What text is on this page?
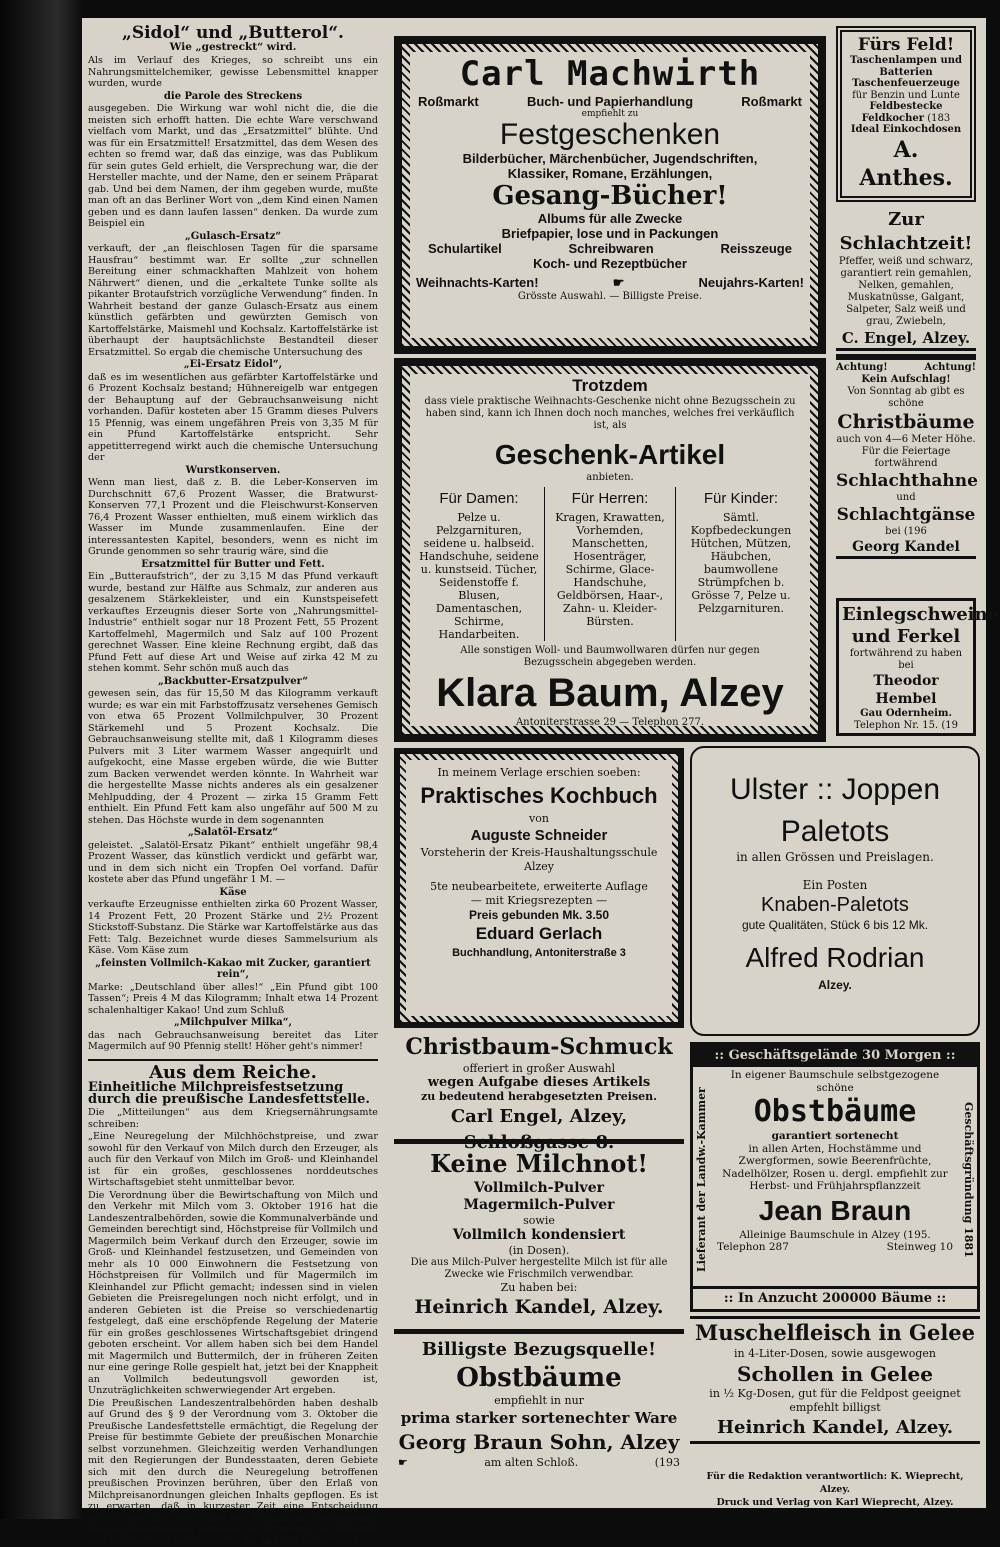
„Sidol“ und „Butterol“.
Wie „gestreckt“ wird.

Als im Verlauf des Krieges, so schreibt uns ein Nahrungsmittelchemiker, gewisse Lebensmittel knapper wurden, wurde

die Parole des Streckens

ausgegeben. Die Wirkung war wohl nicht die, die die meisten sich erhofft hatten. Die echte Ware verschwand vielfach vom Markt, und das „Ersatzmittel“ blühte. Und was für ein Ersatzmittel! Ersatzmittel, das dem Wesen des echten so fremd war, daß das einzige, was das Publikum für sein gutes Geld erhielt, die Versprechung war, die der Hersteller machte, und der Name, den er seinem Präparat gab. Und bei dem Namen, der ihm gegeben wurde, mußte man oft an das Berliner Wort von „dem Kind einen Namen geben und es dann laufen lassen“ denken. Da wurde zum Beispiel ein

„Gulasch-Ersatz“

verkauft, der „an fleischlosen Tagen für die sparsame Hausfrau“ bestimmt war. Er sollte „zur schnellen Bereitung einer schmackhaften Mahlzeit von hohem Nährwert“ dienen, und die „erkaltete Tunke sollte als pikanter Brotaufstrich vorzügliche Verwendung“ finden. In Wahrheit bestand der ganze Gulasch-Ersatz aus einem künstlich gefärbten und gewürzten Gemisch von Kartoffelstärke, Maismehl und Kochsalz. Kartoffelstärke ist überhaupt der hauptsächlichste Bestandteil dieser Ersatzmittel. So ergab die chemische Untersuchung des

„Ei-Ersatz Eidol“,

daß es im wesentlichen aus gefärbter Kartoffelstärke und 6 Prozent Kochsalz bestand; Hühnereigelb war entgegen der Behauptung auf der Gebrauchsanweisung nicht vorhanden. Dafür kosteten aber 15 Gramm dieses Pulvers 15 Pfennig, was einem ungefähren Preis von 3,35 M für ein Pfund Kartoffelstärke entspricht. Sehr appetitterregend wirkt auch die chemische Untersuchung der

Wurstkonserven.

Wenn man liest, daß z. B. die Leber-Konserven im Durchschnitt 67,6 Prozent Wasser, die Bratwurst-Konserven 77,1 Prozent und die Fleischwurst-Konserven 76,4 Prozent Wasser enthielten, muß einem wirklich das Wasser im Munde zusammenlaufen. Eine der interessantesten Kapitel, besonders, wenn es nicht im Grunde genommen so sehr traurig wäre, sind die

Ersatzmittel für Butter und Fett.

Ein „Butteraufstrich“, der zu 3,15 M das Pfund verkauft wurde, bestand zur Hälfte aus Schmalz, zur anderen aus gesalzenem Stärkekleister, und ein Kunstspeisefett verkauftes Erzeugnis dieser Sorte von „Nahrungsmittel-Industrie“ enthielt sogar nur 18 Prozent Fett, 55 Prozent Kartoffelmehl, Magermilch und Salz auf 100 Prozent gerechnet Wasser. Eine kleine Rechnung ergibt, daß das Pfund Fett auf diese Art und Weise auf zirka 42 M zu stehen kommt. Sehr schön muß auch das

„Backbutter-Ersatzpulver“

gewesen sein, das für 15,50 M das Kilogramm verkauft wurde; es war ein mit Farbstoffzusatz versehenes Gemisch von etwa 65 Prozent Vollmilchpulver, 30 Prozent Stärkemehl und 5 Prozent Kochsalz. Die Gebrauchsanweisung stellte mit, daß 1 Kilogramm dieses Pulvers mit 3 Liter warmem Wasser angequirlt und aufgekocht, eine Masse ergeben würde, die wie Butter zum Backen verwendet werden könnte. In Wahrheit war die hergestellte Masse nichts anderes als ein gesalzener Mehlpudding, der 4 Prozent — zirka 15 Gramm Fett enthielt. Ein Pfund Fett kam also ungefähr auf 500 M zu stehen. Das Höchste wurde in dem sogenannten

„Salatöl-Ersatz“

geleistet. „Salatöl-Ersatz Pikant“ enthielt ungefähr 98,4 Prozent Wasser, das künstlich verdickt und gefärbt war, und in dem sich nicht ein Tropfen Oel vorfand. Dafür kostete aber das Pfund ungefähr 1 M. —

Käse

verkaufte Erzeugnisse enthielten zirka 60 Prozent Wasser, 14 Prozent Fett, 20 Prozent Stärke und 2½ Prozent Stickstoff-Substanz. Die Stärke war Kartoffelstärke aus das Fett: Talg. Bezeichnet wurde dieses Sammelsurium als Käse. Vom Käse zum

„feinsten Vollmilch-Kakao mit Zucker, garantiert rein“,

Marke: „Deutschland über alles!“ „Ein Pfund gibt 100 Tassen“; Preis 4 M das Kilogramm; Inhalt etwa 14 Prozent schalenhaltiger Kakao! Und zum Schluß

„Milchpulver Milka“,

das nach Gebrauchsanweisung bereitet das Liter Magermilch auf 90 Pfennig stellt! Höher geht's nimmer!

Aus dem Reiche.
Einheitliche Milchpreisfestsetzung durch die preußische Landesfettstelle.

Die „Mitteilungen“ aus dem Kriegsernährungsamte schreiben:

„Eine Neuregelung der Milchhöchstpreise, und zwar sowohl für den Verkauf von Milch durch den Erzeuger, als auch für den Verkauf von Milch im Groß- und Kleinhandel ist für ein großes, geschlossenes norddeutsches Wirtschaftsgebiet steht unmittelbar bevor.

Die Verordnung über die Bewirtschaftung von Milch und den Verkehr mit Milch vom 3. Oktober 1916 hat die Landeszentralbehörden, sowie die Kommunalverbände und Gemeinden berechtigt sind, Höchstpreise für Vollmilch und Magermilch beim Verkauf durch den Erzeuger, sowie im Groß- und Kleinhandel festzusetzen, und Gemeinden von mehr als 10 000 Einwohnern die Festsetzung von Höchstpreisen für Vollmilch und für Magermilch im Kleinhandel zur Pflicht gemacht; indessen sind in vielen Gebieten die Preisregelungen noch nicht erfolgt, und in anderen Gebieten ist die Preise so verschiedenartig festgelegt, daß eine erschöpfende Regelung der Materie für ein großes geschlossenes Wirtschaftsgebiet dringend geboten erscheint. Vor allem haben sich bei dem Handel mit Magermilch und Buttermilch, der in früheren Zeiten nur eine geringe Rolle gespielt hat, jetzt bei der Knappheit an Vollmilch bedeutungsvoll geworden ist, Unzuträglichkeiten schwerwiegender Art ergeben.

Die Preußischen Landeszentralbehörden haben deshalb auf Grund des § 9 der Verordnung vom 3. Oktober die Preußische Landesfettstelle ermächtigt, die Regelung der Preise für bestimmte Gebiete der preußischen Monarchie selbst vorzunehmen. Gleichzeitig werden Verhandlungen mit den Regierungen der Bundesstaaten, deren Gebiete sich mit den durch die Neuregelung betroffenen preußischen Provinzen berühren, über den Erlaß von Milchpreisanordnungen gleichen Inhalts gepflogen. Es ist zu erwarten, daß in kurzester Zeit eine Entscheidung erzielt wird und etwa Mitte des Monats die Neuregelung, die im gleichmäßigen Interesse der Erzeuger, des Handels und der Verbraucher liegen dürfte, in Kraft treten wird.“

Carl Machwirth
Roßmarkt	Buch- und Papierhandlung	Roßmarkt
empfiehlt zu
Festgeschenken
Bilderbücher, Märchenbücher, Jugendschriften,
Klassiker, Romane, Erzählungen,
Gesang-Bücher!
Albums für alle Zwecke
Briefpapier, lose und in Packungen
Schulartikel	Schreibwaren	Reisszeuge
Koch- und Rezeptbücher
Weihnachts-Karten!	☛	Neujahrs-Karten!
Grösste Auswahl. — Billigste Preise.
Fürs Feld!
Taschenlampen und Batterien
Taschenfeuerzeuge
für Benzin und Lunte
Feldbestecke
Feldkocher (183
Ideal Einkochdosen
A. Anthes.
Zur Schlachtzeit!
Pfeffer, weiß und schwarz, garantiert rein gemahlen, Nelken, gemahlen, Muskatnüsse, Galgant, Salpeter, Salz weiß und grau, Zwiebeln,
C. Engel, Alzey.
Achtung!	Achtung!
Kein Aufschlag!
Von Sonntag ab gibt es schöne
Christbäume
auch von 4—6 Meter Höhe.
Für die Feiertage fortwährend
Schlachthahne
und
Schlachtgänse
bei (196
Georg Kandel
Einlegschweine und Ferkel
fortwährend zu haben bei
Theodor Hembel
Gau Odernheim.
Telephon Nr. 15. (19
Trotzdem
dass viele praktische Weihnachts-Geschenke nicht ohne Bezugsschein zu haben sind, kann ich Ihnen doch noch manches, welches frei verkäuflich ist, als
Geschenk-Artikel
anbieten.
Für Damen:
Pelze u. Pelzgarnituren, seidene u. halbseid. Handschuhe, seidene u. kunstseid. Tücher, Seidenstoffe f. Blusen, Damentaschen, Schirme, Handarbeiten.
Für Herren:
Kragen, Krawatten, Vorhemden, Manschetten, Hosenträger, Schirme, Glace-Handschuhe, Geldbörsen, Haar-, Zahn- u. Kleider-Bürsten.
Für Kinder:
Sämtl. Kopfbedeckungen Hütchen, Mützen, Häubchen, baumwollene Strümpfchen b. Grösse 7, Pelze u. Pelzgarnituren.
Alle sonstigen Woll- und Baumwollwaren dürfen nur gegen Bezugsschein abgegeben werden.
Klara Baum, Alzey
Antoniterstrasse 29 — Telephon 277.
In meinem Verlage erschien soeben:
Praktisches Kochbuch
von
Auguste Schneider
Vorsteherin der Kreis-Haushaltungsschule Alzey
5te neubearbeitete, erweiterte Auflage
— mit Kriegsrezepten —
Preis gebunden Mk. 3.50
Eduard Gerlach
Buchhandlung, Antoniterstraße 3
Ulster :: Joppen
Paletots
in allen Grössen und Preislagen.
Ein Posten
Knaben-Paletots
gute Qualitäten, Stück 6 bis 12 Mk.
Alfred Rodrian
Alzey.
Christbaum-Schmuck
offeriert in großer Auswahl
wegen Aufgabe dieses Artikels
zu bedeutend herabgesetzten Preisen.
Carl Engel, Alzey, Schloßgasse 8.
Keine Milchnot!
Vollmilch-Pulver
Magermilch-Pulver
sowie
Vollmilch kondensiert
(in Dosen).
Die aus Milch-Pulver hergestellte Milch ist für alle Zwecke wie Frischmilch verwendbar.
Zu haben bei:
Heinrich Kandel, Alzey.
Billigste Bezugsquelle!
Obstbäume
empfiehlt in nur
prima starker sortenechter Ware
Georg Braun Sohn, Alzey
☛	am alten Schloß.	(193
:: Geschäftsgelände 30 Morgen ::
Lieferant der Landw.-Kammer	Geschäftsgründung 1881
In eigener Baumschule selbstgezogene schöne
Obstbäume
garantiert sortenecht
in allen Arten, Hochstämme und Zwergformen, sowie Beerenfrüchte, Nadelhölzer, Rosen u. dergl. empfiehlt zur Herbst- und Frühjahrspflanzzeit
Jean Braun
Alleinige Baumschule in Alzey (195.
Telephon 287	Steinweg 10
:: In Anzucht 200000 Bäume ::
Muschelfleisch in Gelee
in 4-Liter-Dosen, sowie ausgewogen
Schollen in Gelee
in ½ Kg-Dosen, gut für die Feldpost geeignet
empfehlt billigst
Heinrich Kandel, Alzey.
Für die Redaktion verantwortlich: K. Wieprecht, Alzey.
Druck und Verlag von Karl Wieprecht, Alzey.
